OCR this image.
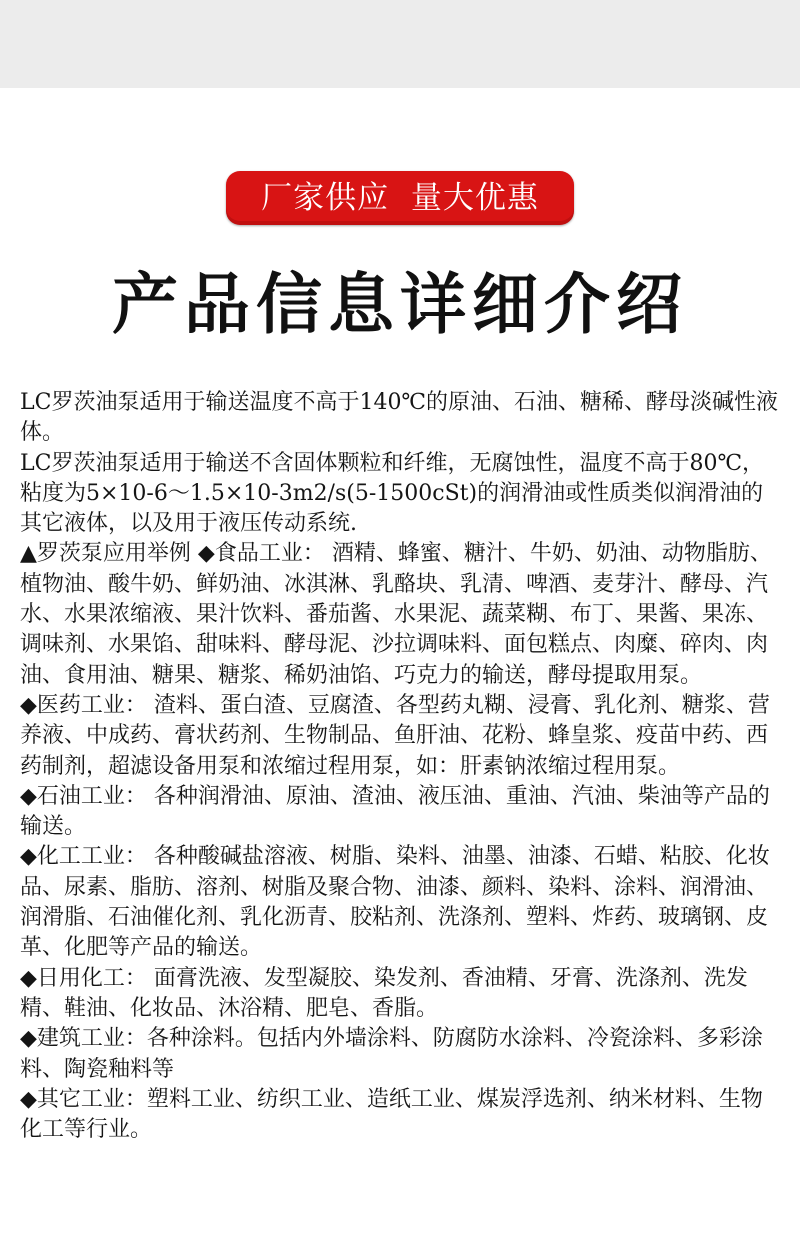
厂家供应  量大优惠
产品信息详细介绍

LC罗茨油泵适用于输送温度不高于140℃的原油、石油、糖稀、酵母淡碱性液体。

LC罗茨油泵适用于输送不含固体颗粒和纤维，无腐蚀性，温度不高于80℃，粘度为5×10-6～1.5×10-3m2/s(5-1500cSt)的润滑油或性质类似润滑油的其它液体，以及用于液压传动系统.

▲罗茨泵应用举例 ◆食品工业： 酒精、蜂蜜、糖汁、牛奶、奶油、动物脂肪、植物油、酸牛奶、鲜奶油、冰淇淋、乳酪块、乳清、啤酒、麦芽汁、酵母、汽水、水果浓缩液、果汁饮料、番茄酱、水果泥、蔬菜糊、布丁、果酱、果冻、调味剂、水果馅、甜味料、酵母泥、沙拉调味料、面包糕点、肉糜、碎肉、肉油、食用油、糖果、糖浆、稀奶油馅、巧克力的输送，酵母提取用泵。

◆医药工业： 渣料、蛋白渣、豆腐渣、各型药丸糊、浸膏、乳化剂、糖浆、营养液、中成药、膏状药剂、生物制品、鱼肝油、花粉、蜂皇浆、疫苗中药、西药制剂，超滤设备用泵和浓缩过程用泵，如：肝素钠浓缩过程用泵。

◆石油工业： 各种润滑油、原油、渣油、液压油、重油、汽油、柴油等产品的输送。

◆化工工业： 各种酸碱盐溶液、树脂、染料、油墨、油漆、石蜡、粘胶、化妆品、尿素、脂肪、溶剂、树脂及聚合物、油漆、颜料、染料、涂料、润滑油、润滑脂、石油催化剂、乳化沥青、胶粘剂、洗涤剂、塑料、炸药、玻璃钢、皮革、化肥等产品的输送。

◆日用化工： 面膏洗液、发型凝胶、染发剂、香油精、牙膏、洗涤剂、洗发精、鞋油、化妆品、沐浴精、肥皂、香脂。

◆建筑工业：各种涂料。包括内外墙涂料、防腐防水涂料、冷瓷涂料、多彩涂料、陶瓷釉料等

◆其它工业：塑料工业、纺织工业、造纸工业、煤炭浮选剂、纳米材料、生物化工等行业。
